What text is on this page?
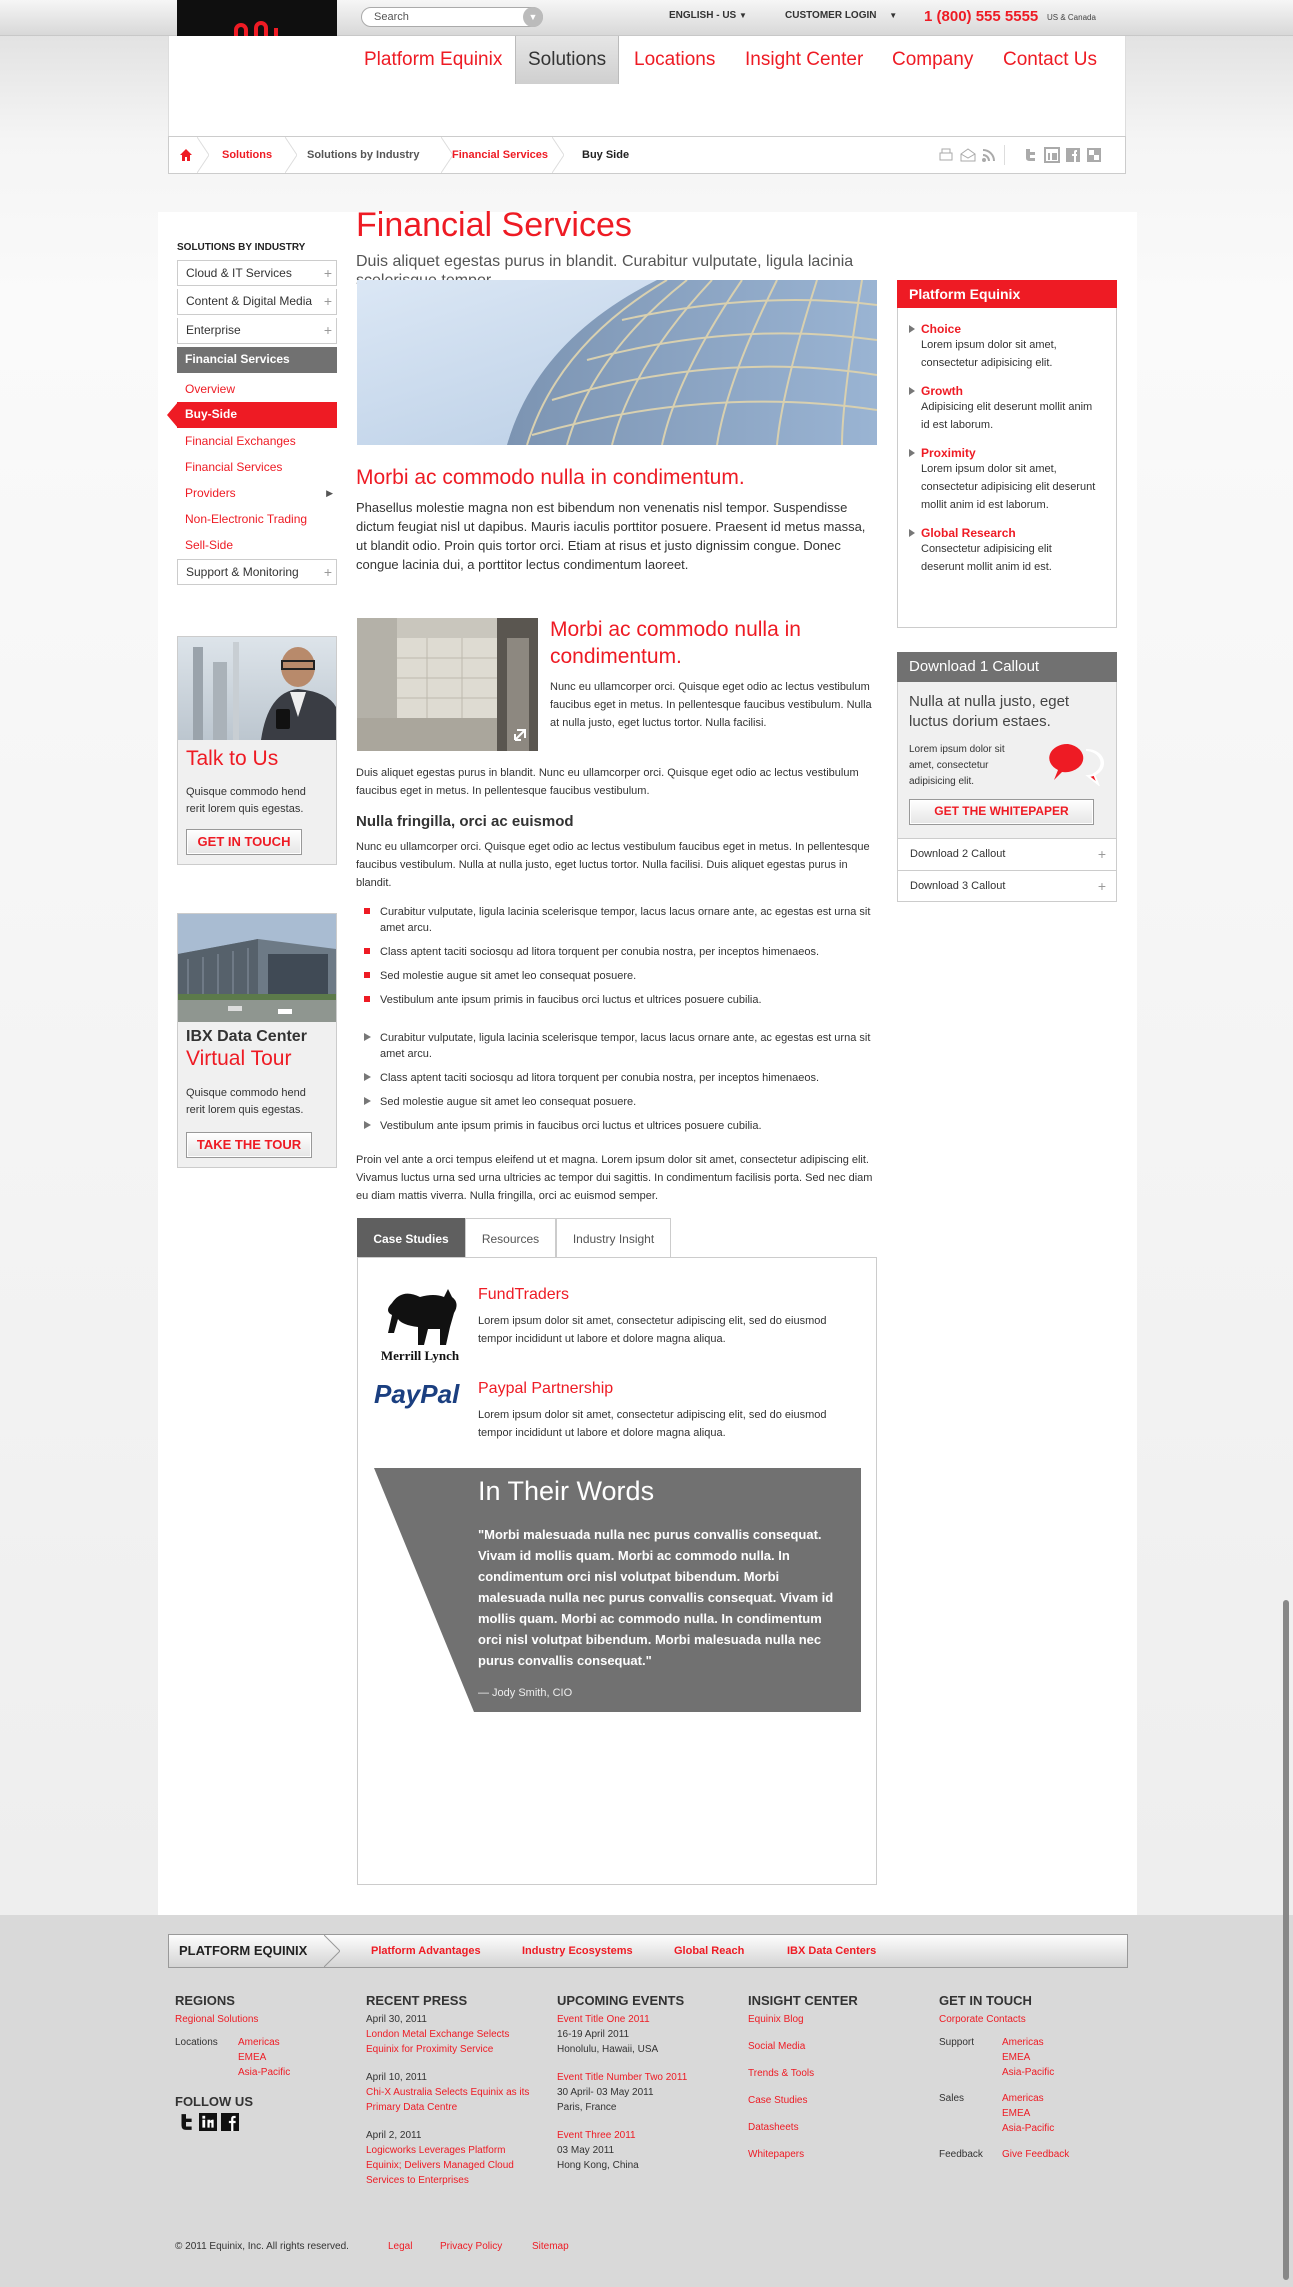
Search	▼	ENGLISH - US ▼	CUSTOMER LOGIN ▼ 1 (800) 555 5555 US & Canada
Platform Equinix	Solutions	Locations	Insight Center	Company	Contact Us
Solutions	Solutions by Industry	Financial Services	Buy Side
SOLUTIONS BY INDUSTRY
Cloud & IT Services +
Content & Digital Media +
Enterprise	+
Financial Services
Overview
Buy-Side
Financial Exchanges
Financial Services
Providers	▶
Non-Electronic Trading
Sell-Side
Support & Monitoring +
Talk to Us
Quisque commodo hend rerit lorem quis egestas.
GET IN TOUCH
IBX Data Center
Virtual Tour
Quisque commodo hend rerit lorem quis egestas.
TAKE THE TOUR
Financial Services
Duis aliquet egestas purus in blandit. Curabitur vulputate, ligula lacinia
Morbi ac commodo nulla in condimentum.
Phasellus molestie magna non est bibendum non venenatis nisl tempor. Suspendisse dictum feugiat nisl ut dapibus. Mauris iaculis porttitor posuere. Praesent id metus massa, ut blandit odio. Proin quis tortor orci. Etiam at risus et justo dignissim congue. Donec congue lacinia dui, a porttitor lectus condimentum laoreet.
Morbi ac commodo nulla in condimentum.
Nunc eu ullamcorper orci. Quisque eget odio ac lectus vestibulum faucibus eget in metus. In pellentesque faucibus vestibulum. Nulla at nulla justo, eget luctus tortor. Nulla facilisi.
Duis aliquet egestas purus in blandit. Nunc eu ullamcorper orci. Quisque eget odio ac lectus vestibulum faucibus eget in metus. In pellentesque faucibus vestibulum.
Nulla fringilla, orci ac euismod
Nunc eu ullamcorper orci. Quisque eget odio ac lectus vestibulum faucibus eget in metus. In pellentesque faucibus vestibulum. Nulla at nulla justo, eget luctus tortor. Nulla facilisi. Duis aliquet egestas purus in blandit.
Curabitur vulputate, ligula lacinia scelerisque tempor, lacus lacus ornare ante, ac egestas est urna sit amet arcu.
Class aptent taciti sociosqu ad litora torquent per conubia nostra, per inceptos himenaeos.
Sed molestie augue sit amet leo consequat posuere.
Vestibulum ante ipsum primis in faucibus orci luctus et ultrices posuere cubilia.
Curabitur vulputate, ligula lacinia scelerisque tempor, lacus lacus ornare ante, ac egestas est urna sit amet arcu.
Class aptent taciti sociosqu ad litora torquent per conubia nostra, per inceptos himenaeos.
Sed molestie augue sit amet leo consequat posuere.
Vestibulum ante ipsum primis in faucibus orci luctus et ultrices posuere cubilia.
Proin vel ante a orci tempus eleifend ut et magna. Lorem ipsum dolor sit amet, consectetur adipiscing elit. Vivamus luctus urna sed urna ultricies ac tempor dui sagittis. In condimentum facilisis porta. Sed nec diam eu diam mattis viverra. Nulla fringilla, orci ac euismod semper.
Case Studies	Resources	Industry Insight
Merrill Lynch
FundTraders
Lorem ipsum dolor sit amet, consectetur adipiscing elit, sed do eiusmod tempor incididunt ut labore et dolore magna aliqua.
PayPal Paypal Partnership
Lorem ipsum dolor sit amet, consectetur adipiscing elit, sed do eiusmod tempor incididunt ut labore et dolore magna aliqua.
In Their Words
"Morbi malesuada nulla nec purus convallis consequat. Vivam id mollis quam. Morbi ac commodo nulla. In condimentum orci nisl volutpat bibendum. Morbi malesuada nulla nec purus convallis consequat. Vivam id mollis quam. Morbi ac commodo nulla. In condimentum orci nisl volutpat bibendum. Morbi malesuada nulla nec purus convallis consequat."
— Jody Smith, CIO
Platform Equinix
Choice
Lorem ipsum dolor sit amet, consectetur adipisicing elit.
Growth
Adipisicing elit deserunt mollit anim id est laborum.
Proximity
Lorem ipsum dolor sit amet, consectetur adipisicing elit deserunt mollit anim id est laborum.
Global Research
Consectetur adipisicing elit deserunt mollit anim id est.
Download 1 Callout
Nulla at nulla justo, eget luctus dorium estaes.
Lorem ipsum dolor sit amet, consectetur adipisicing elit.
GET THE WHITEPAPER
Download 2 Callout	+
Download 3 Callout	+
PLATFORM EQUINIX	Platform Advantages	Industry Ecosystems	Global Reach	IBX Data Centers
REGIONS
Regional Solutions
Locations Americas
EMEA
Asia-Pacific
FOLLOW US
RECENT PRESS
April 30, 2011
London Metal Exchange Selects Equinix for Proximity Service
April 10, 2011
Chi-X Australia Selects Equinix as its Primary Data Centre
April 2, 2011
Logicworks Leverages Platform Equinix; Delivers Managed Cloud Services to Enterprises
UPCOMING EVENTS
Event Title One 2011
16-19 April 2011
Honolulu, Hawaii, USA
Event Title Number Two 2011
30 April- 03 May 2011
Paris, France
Event Three 2011
03 May 2011
Hong Kong, China
INSIGHT CENTER
Equinix Blog
Social Media
Trends & Tools
Case Studies
Datasheets
Whitepapers
GET IN TOUCH
Corporate Contacts
Support	Americas
EMEA
Asia-Pacific
Sales	Americas
EMEA
Asia-Pacific
Feedback Give Feedback
© 2011 Equinix, Inc. All rights reserved.	Legal	Privacy Policy	Sitemap
